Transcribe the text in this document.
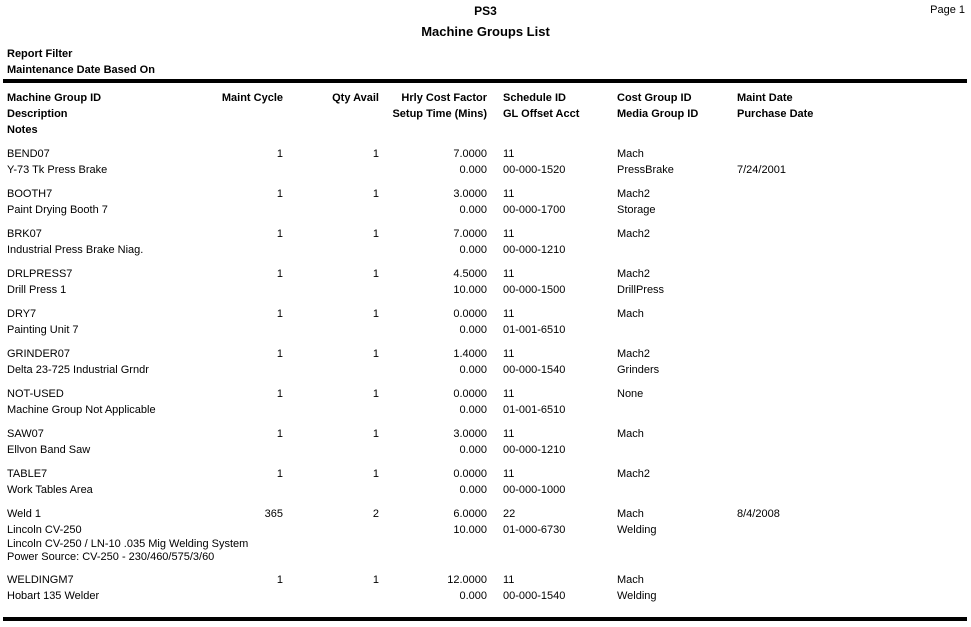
Page 1
PS3
Machine Groups List
Report Filter
Maintenance Date Based On
Machine Group ID	Maint Cycle	Qty Avail	Hrly Cost Factor	Schedule ID	Cost Group ID	Maint Date
Description	Setup Time (Mins)	GL Offset Acct	Media Group ID	Purchase Date
Notes
BEND07	1	1	7.0000	11	Mach
Y-73 Tk Press Brake	0.000	00-000-1520	PressBrake	7/24/2001
BOOTH7	1	1	3.0000	11	Mach2
Paint Drying Booth 7	0.000	00-000-1700	Storage
BRK07	1	1	7.0000	11	Mach2
Industrial Press Brake Niag.	0.000	00-000-1210
DRLPRESS7	1	1	4.5000	11	Mach2
Drill Press 1	10.000	00-000-1500	DrillPress
DRY7	1	1	0.0000	11	Mach
Painting Unit 7	0.000	01-001-6510
GRINDER07	1	1	1.4000	11	Mach2
Delta 23-725 Industrial Grndr	0.000	00-000-1540	Grinders
NOT-USED	1	1	0.0000	11	None
Machine Group Not Applicable	0.000	01-001-6510
SAW07	1	1	3.0000	11	Mach
Ellvon Band Saw	0.000	00-000-1210
TABLE7	1	1	0.0000	11	Mach2
Work Tables Area	0.000	00-000-1000
Weld 1	365	2	6.0000	22	Mach	8/4/2008
Lincoln CV-250	10.000	01-000-6730	Welding
Lincoln CV-250 / LN-10 .035 Mig Welding System
Power Source: CV-250 - 230/460/575/3/60
WELDINGM7	1	1	12.0000	11	Mach
Hobart 135 Welder	0.000	00-000-1540	Welding
